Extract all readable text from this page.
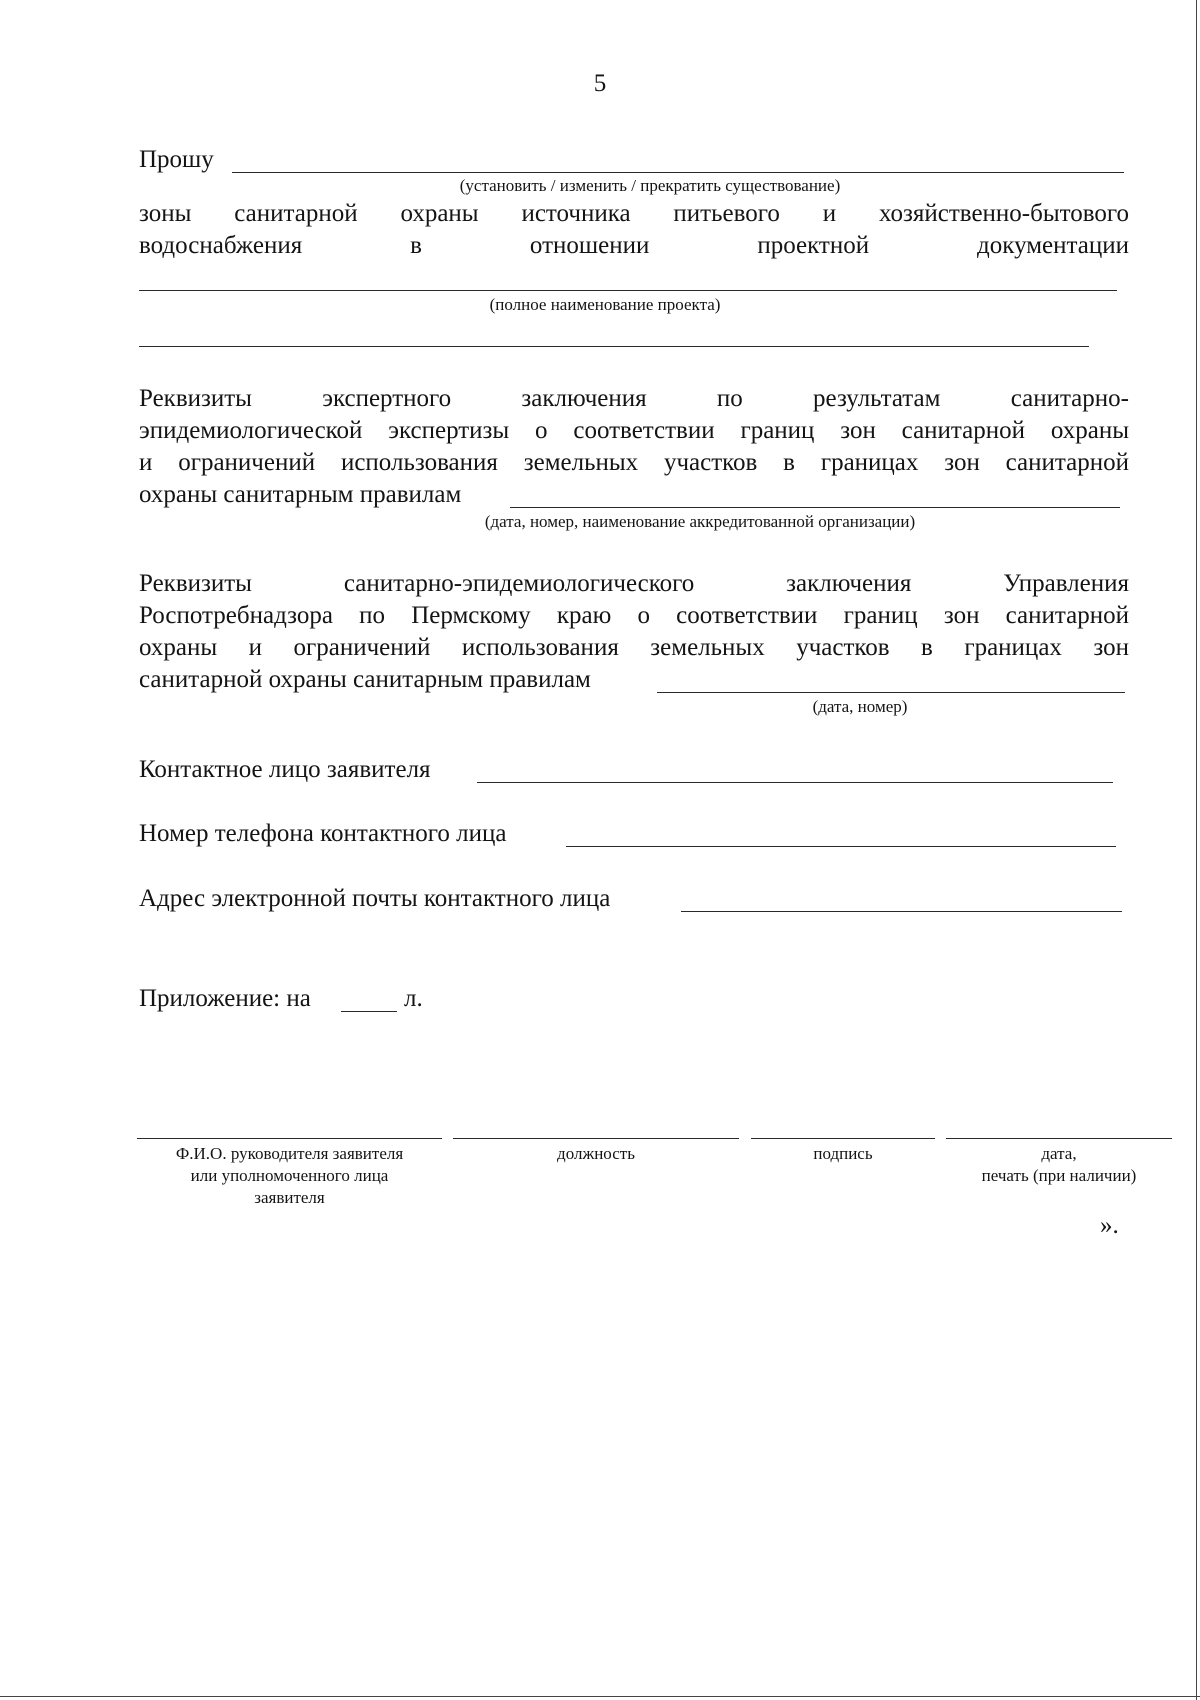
5
Прошу
(установить / изменить / прекратить существование)
зоны санитарной охраны источника питьевого и хозяйственно-бытового
водоснабжения в отношении проектной документации
(полное наименование проекта)
Реквизиты экспертного заключения по результатам санитарно-
эпидемиологической экспертизы о соответствии границ зон санитарной охраны
и ограничений использования земельных участков в границах зон санитарной
охраны санитарным правилам
(дата, номер, наименование аккредитованной организации)
Реквизиты санитарно-эпидемиологического заключения Управления
Роспотребнадзора по Пермскому краю о соответствии границ зон санитарной
охраны и ограничений использования земельных участков в границах зон
санитарной охраны санитарным правилам
(дата, номер)
Контактное лицо заявителя
Номер телефона контактного лица
Адрес электронной почты контактного лица
Приложение: на	л.
Ф.И.О. руководителя заявителя
или уполномоченного лица
заявителя
должность	подпись	дата,
печать (при наличии)
».
